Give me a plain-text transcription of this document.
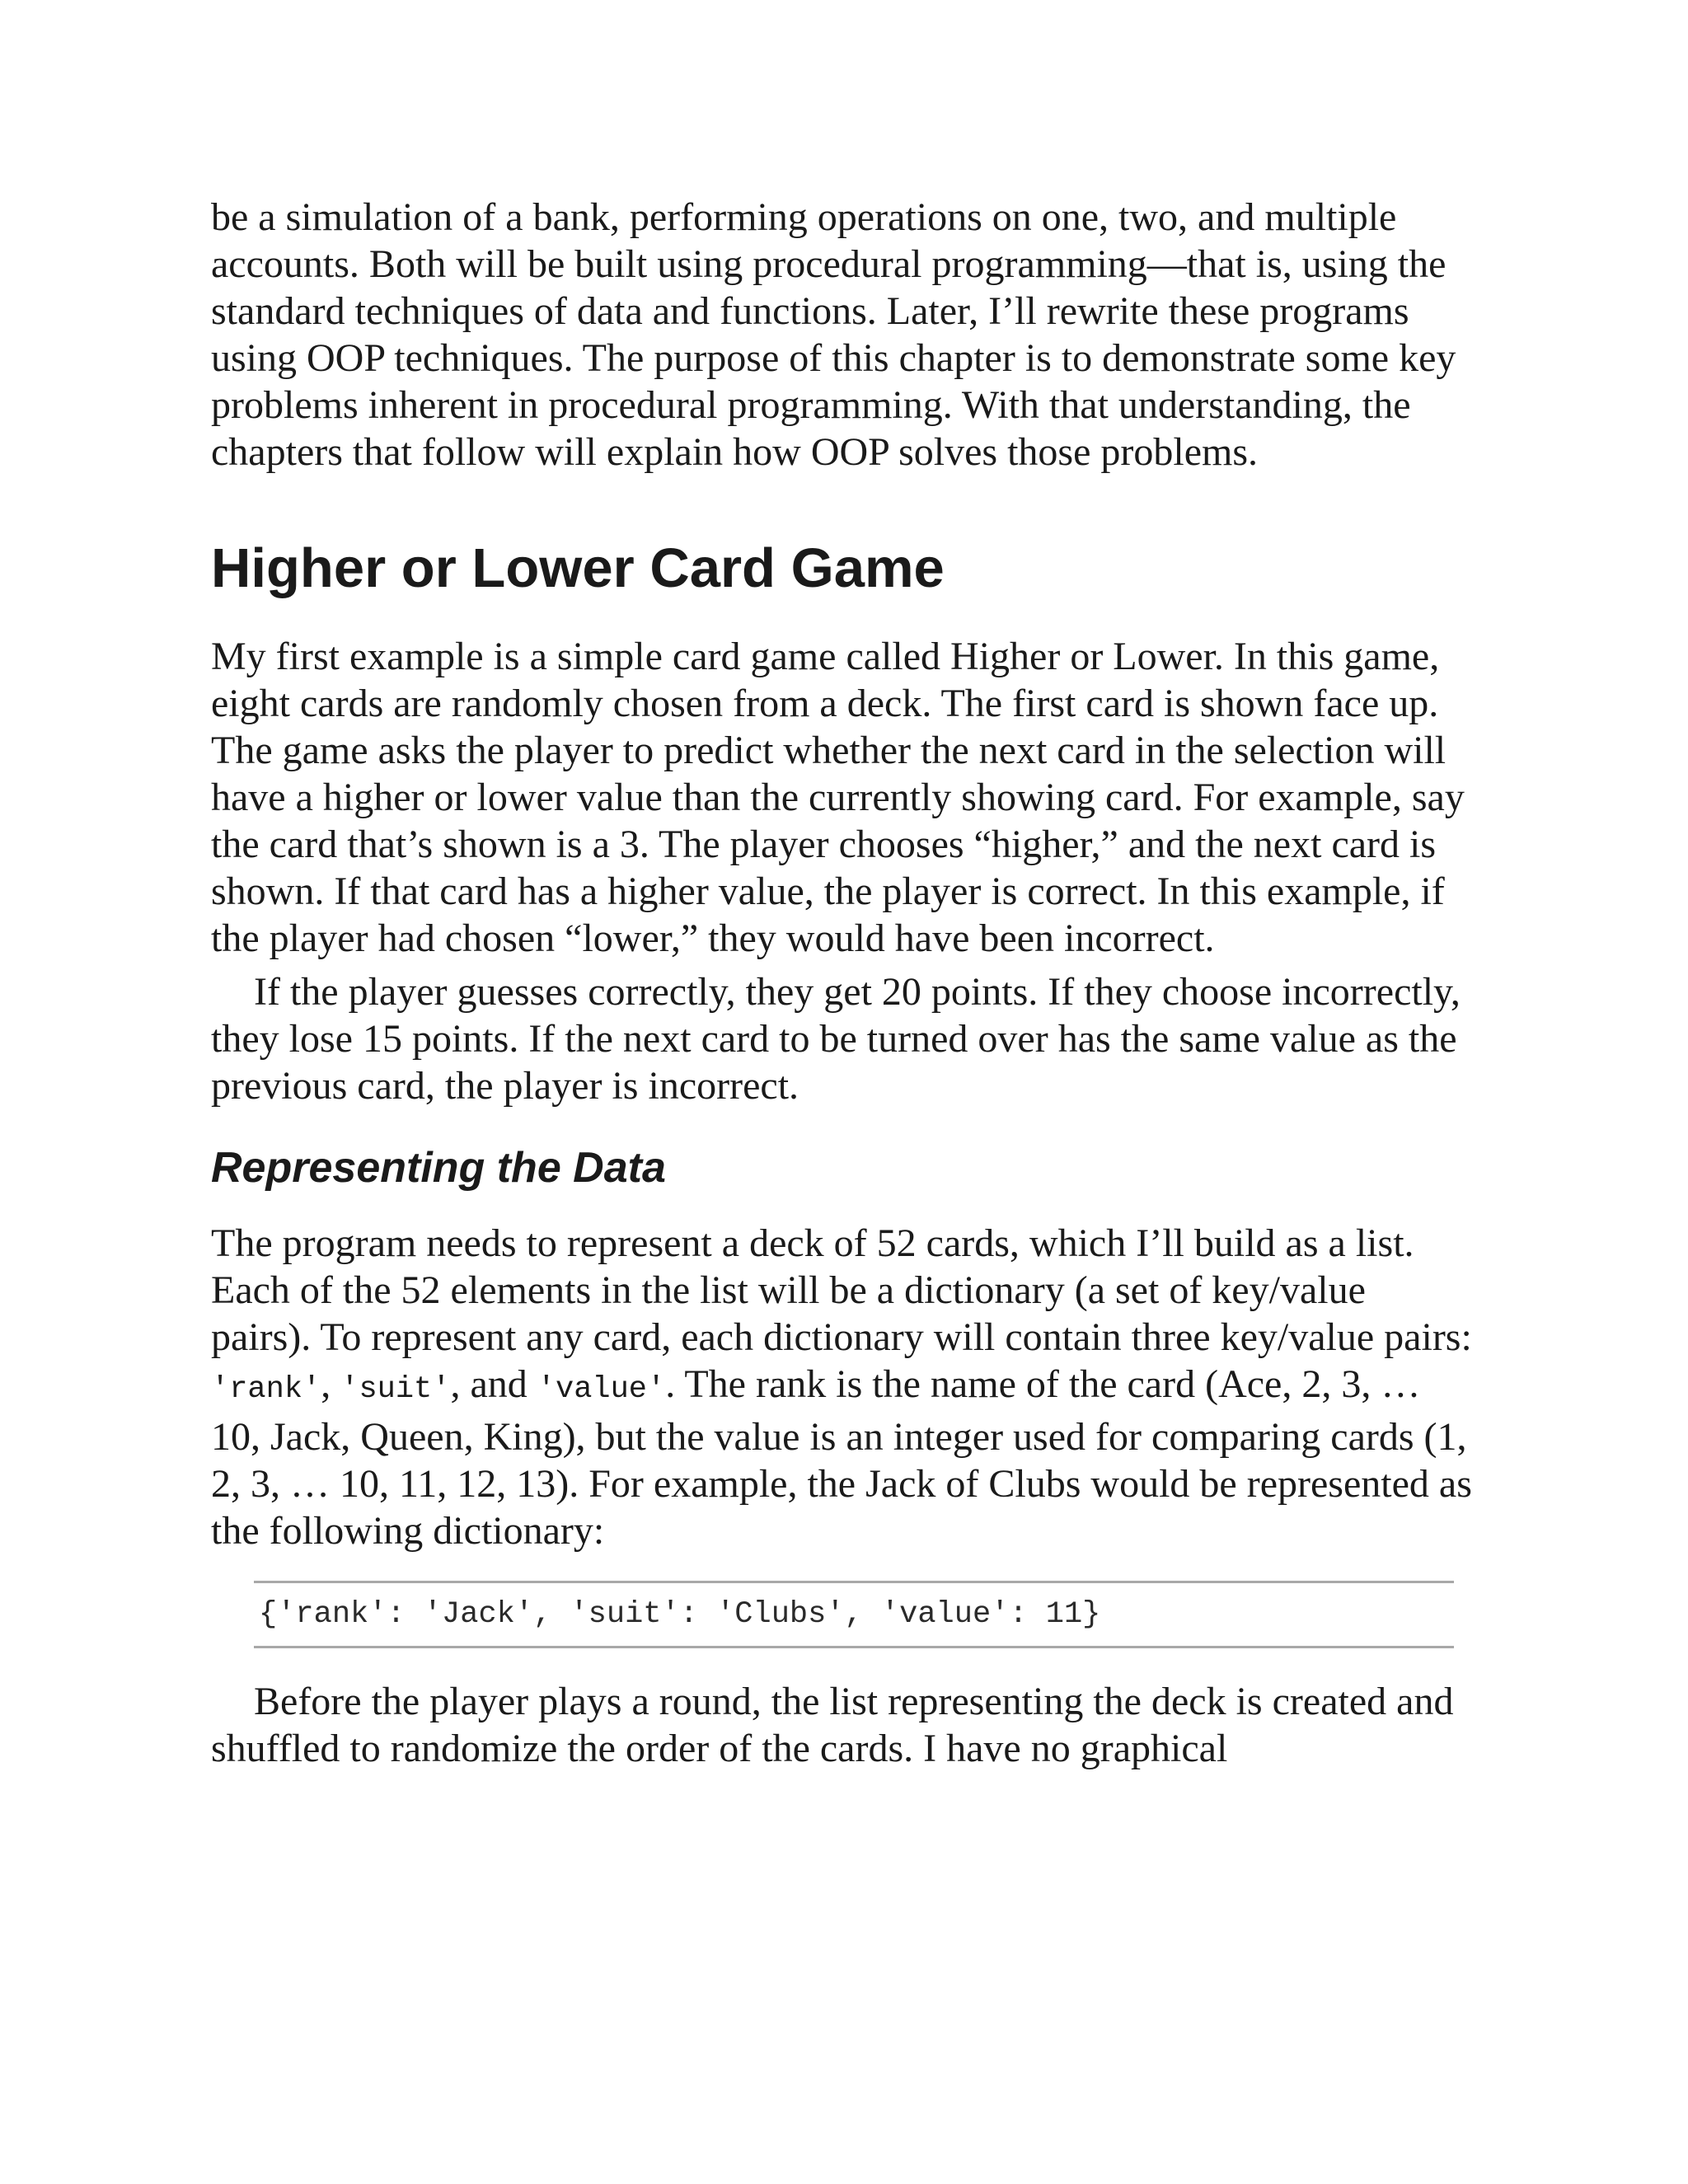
be a simulation of a bank, performing operations on one, two, and multiple accounts. Both will be built using procedural programming—that is, using the standard techniques of data and functions. Later, I’ll rewrite these programs using OOP techniques. The purpose of this chapter is to demonstrate some key problems inherent in procedural programming. With that understanding, the chapters that follow will explain how OOP solves those problems.

Higher or Lower Card Game

My first example is a simple card game called Higher or Lower. In this game, eight cards are randomly chosen from a deck. The first card is shown face up. The game asks the player to predict whether the next card in the selection will have a higher or lower value than the currently showing card. For example, say the card that’s shown is a 3. The player chooses “higher,” and the next card is shown. If that card has a higher value, the player is correct. In this example, if the player had chosen “lower,” they would have been incorrect.

If the player guesses correctly, they get 20 points. If they choose incorrectly, they lose 15 points. If the next card to be turned over has the same value as the previous card, the player is incorrect.

Representing the Data

The program needs to represent a deck of 52 cards, which I’ll build as a list. Each of the 52 elements in the list will be a dictionary (a set of key/value pairs). To represent any card, each dictionary will contain three key/value pairs: 'rank', 'suit', and 'value'. The rank is the name of the card (Ace, 2, 3, … 10, Jack, Queen, King), but the value is an integer used for comparing cards (1, 2, 3, … 10, 11, 12, 13). For example, the Jack of Clubs would be represented as the following dictionary:

{'rank': 'Jack', 'suit': 'Clubs', 'value': 11}

Before the player plays a round, the list representing the deck is created and shuffled to randomize the order of the cards. I have no graphical
